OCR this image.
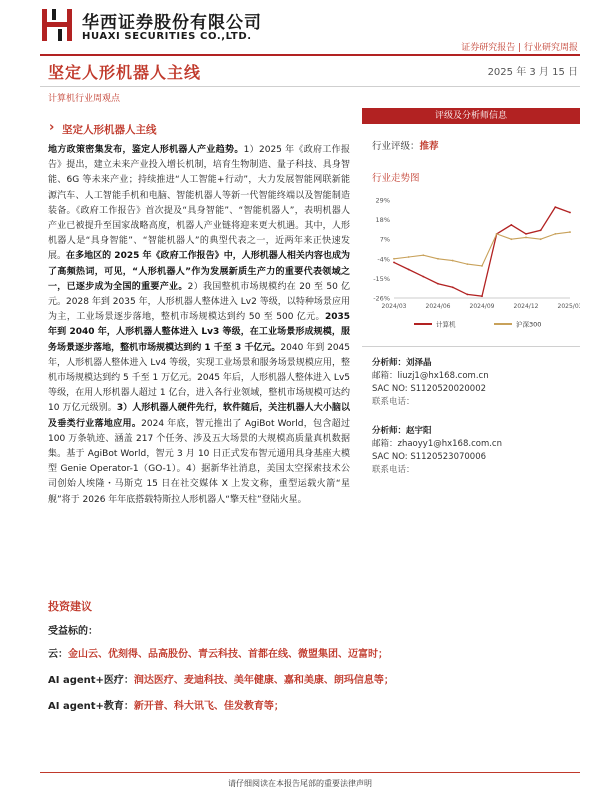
华西证券股份有限公司
HUAXI SECURITIES CO.,LTD.
证券研究报告 | 行业研究周报
坚定人形机器人主线	2025 年 3 月 15 日
计算机行业周观点
› 坚定人形机器人主线
地方政策密集发布，鉴定人形机器人产业趋势。1）2025 年《政府工作报告》提出，建立未来产业投入增长机制，培育生物制造、量子科技、具身智能、6G 等未来产业；持续推进“人工智能+行动”，大力发展智能网联新能源汽车、人工智能手机和电脑、智能机器人等新一代智能终端以及智能制造装备。《政府工作报告》首次提及“具身智能”、“智能机器人”，表明机器人产业已被提升至国家战略高度，机器人产业链将迎来更大机遇。其中，人形机器人是“具身智能”、“智能机器人”的典型代表之一，近两年来正快速发展。在多地区的 2025 年《政府工作报告》中，人形机器人相关内容也成为了高频热词，可见，“人形机器人”作为发展新质生产力的重要代表领域之一，已逐步成为全国的重要产业。2）我国整机市场规模约在 20 至 50 亿元。2028 年到 2035 年，人形机器人整体进入 Lv2 等级，以特种场景应用为主，工业场景逐步落地，整机市场规模达到约 50 至 500 亿元。2035 年到 2040 年，人形机器人整体进入 Lv3 等级，在工业场景形成规模，服务场景逐步落地，整机市场规模达到约 1 千至 3 千亿元。2040 年到 2045 年，人形机器人整体进入 Lv4 等级，实现工业场景和服务场景规模应用，整机市场规模达到约 5 千至 1 万亿元。2045 年后，人形机器人整体进入 Lv5 等级，在用人形机器人超过 1 亿台，进入各行业领域，整机市场规模可达约 10 万亿元级别。3）人形机器人硬件先行，软件随后，关注机器人大小脑以及垂类行业落地应用。2024 年底，智元推出了 AgiBot World，包含超过 100 万条轨迹、涵盖 217 个任务、涉及五大场景的大规模高质量真机数据集。基于 AgiBot World，智元 3 月 10 日正式发布智元通用具身基座大模型 Genie Operator-1（GO-1）。4）据新华社消息，美国太空探索技术公司创始人埃隆・马斯克 15 日在社交媒体 X 上发文称，重型运载火箭“星舰”将于 2026 年年底搭载特斯拉人形机器人“擎天柱”登陆火星。
评级及分析师信息
行业评级：推荐
行业走势图
29%
18%
7%
-4%
-15%
-26%
2024/03	2024/06	2024/09	2024/12	2025/03
计算机	沪深300
分析师：刘泽晶
邮箱：liuzj1@hx168.com.cn
SAC NO: S1120520020002
联系电话：
分析师：赵宇阳
邮箱：zhaoyy1@hx168.com.cn
SAC NO: S1120523070006
联系电话：
投资建议
受益标的：
云：金山云、优刻得、品高股份、青云科技、首都在线、微盟集团、迈富时；
AI agent+医疗：润达医疗、麦迪科技、美年健康、嘉和美康、朗玛信息等；
AI agent+教育：新开普、科大讯飞、佳发教育等；
请仔细阅读在本报告尾部的重要法律声明
